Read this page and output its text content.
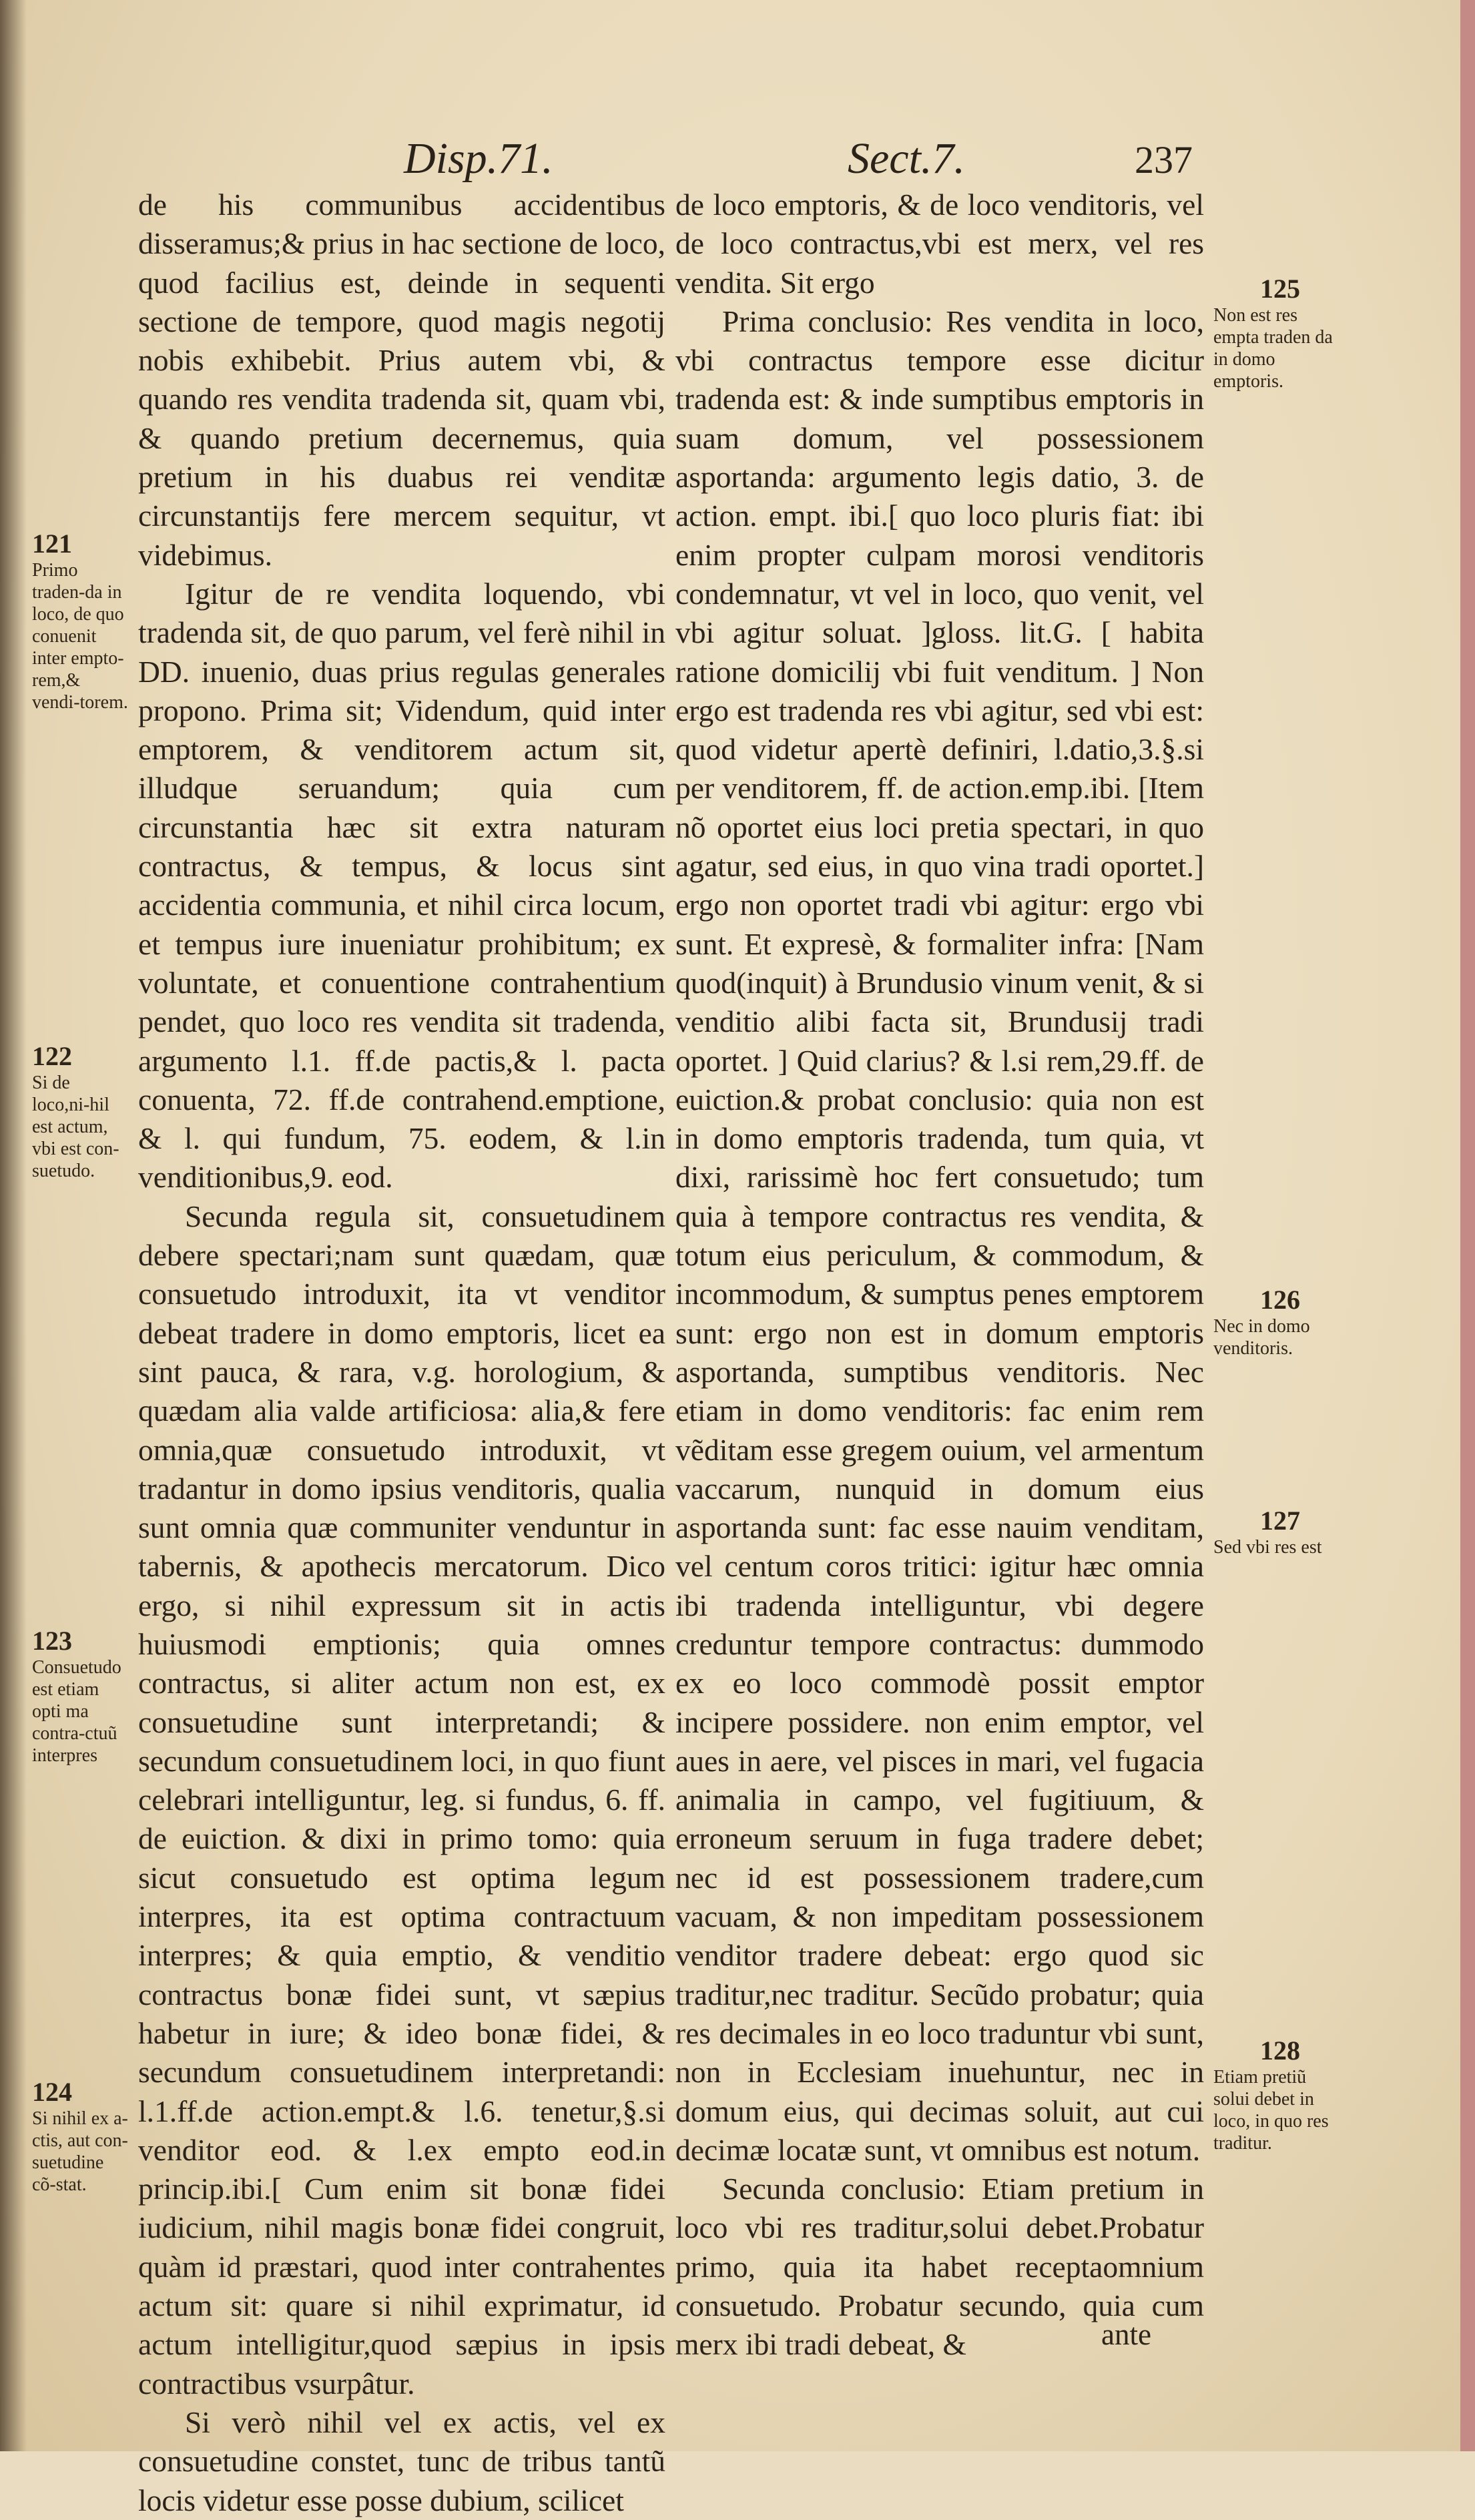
Disp.71.	Sect.7.	237

de his communibus accidentibus disseramus;& prius in hac sectione de loco, quod facilius est, deinde in sequenti sectione de tempore, quod magis negotij nobis exhibebit. Prius autem vbi, & quando res vendita tradenda sit, quam vbi, & quando pretium decernemus, quia pretium in his duabus rei venditæ circunstantijs fere mercem sequitur, vt videbimus.

Igitur de re vendita loquendo, vbi tradenda sit, de quo parum, vel ferè nihil in DD. inuenio, duas prius regulas generales propono. Prima sit; Videndum, quid inter emptorem, & venditorem actum sit, illudque seruandum; quia cum circunstantia hæc sit extra naturam contractus, & tempus, & locus sint accidentia communia, et nihil circa locum, et tempus iure inueniatur prohibitum; ex voluntate, et conuentione contrahentium pendet, quo loco res vendita sit tradenda, argumento l.1. ff.de pactis,& l. pacta conuenta, 72. ff.de contrahend.emptione, & l. qui fundum, 75. eodem, & l.in venditionibus,9. eod.

Secunda regula sit, consuetudinem debere spectari;nam sunt quædam, quæ consuetudo introduxit, ita vt venditor debeat tradere in domo emptoris, licet ea sint pauca, & rara, v.g. horologium, & quædam alia valde artificiosa: alia,& fere omnia,quæ consuetudo introduxit, vt tradantur in domo ipsius venditoris, qualia sunt omnia quæ communiter venduntur in tabernis, & apothecis mercatorum. Dico ergo, si nihil expressum sit in actis huiusmodi emptionis; quia omnes contractus, si aliter actum non est, ex consuetudine sunt interpretandi; & secundum consuetudinem loci, in quo fiunt celebrari intelliguntur, leg. si fundus, 6. ff. de euiction. & dixi in primo tomo: quia sicut consuetudo est optima legum interpres, ita est optima contractuum interpres; & quia emptio, & venditio contractus bonæ fidei sunt, vt sæpius habetur in iure; & ideo bonæ fidei, & secundum consuetudinem interpretandi: l.1.ff.de action.empt.& l.6. tenetur,§.si venditor eod. & l.ex empto eod.in princip.ibi.[ Cum enim sit bonæ fidei iudicium, nihil magis bonæ fidei congruit, quàm id præstari, quod inter contrahentes actum sit: quare si nihil exprimatur, id actum intelligitur,quod sæpius in ipsis contractibus vsurpâtur.

Si verò nihil vel ex actis, vel ex consuetudine constet, tunc de tribus tantũ locis videtur esse posse dubium, scilicet

de loco emptoris, & de loco venditoris, vel de loco contractus,vbi est merx, vel res vendita. Sit ergo

Prima conclusio: Res vendita in loco, vbi contractus tempore esse dicitur tradenda est: & inde sumptibus emptoris in suam domum, vel possessionem asportanda: argumento legis datio, 3. de action. empt. ibi.[ quo loco pluris fiat: ibi enim propter culpam morosi venditoris condemnatur, vt vel in loco, quo venit, vel vbi agitur soluat. ]gloss. lit.G. [ habita ratione domicilij vbi fuit venditum. ] Non ergo est tradenda res vbi agitur, sed vbi est: quod videtur apertè definiri, l.datio,3.§.si per venditorem, ff. de action.emp.ibi. [Item nõ oportet eius loci pretia spectari, in quo agatur, sed eius, in quo vina tradi oportet.] ergo non oportet tradi vbi agitur: ergo vbi sunt. Et expresè, & formaliter infra: [Nam quod(inquit) à Brundusio vinum venit, & si venditio alibi facta sit, Brundusij tradi oportet. ] Quid clarius? & l.si rem,29.ff. de euiction.& probat conclusio: quia non est in domo emptoris tradenda, tum quia, vt dixi, rarissimè hoc fert consuetudo; tum quia à tempore contractus res vendita, & totum eius periculum, & commodum, & incommodum, & sumptus penes emptorem sunt: ergo non est in domum emptoris asportanda, sumptibus venditoris. Nec etiam in domo venditoris: fac enim rem vẽditam esse gregem ouium, vel armentum vaccarum, nunquid in domum eius asportanda sunt: fac esse nauim venditam, vel centum coros tritici: igitur hæc omnia ibi tradenda intelliguntur, vbi degere creduntur tempore contractus: dummodo ex eo loco commodè possit emptor incipere possidere. non enim emptor, vel aues in aere, vel pisces in mari, vel fugacia animalia in campo, vel fugitiuum, & erroneum seruum in fuga tradere debet; nec id est possessionem tradere,cum vacuam, & non impeditam possessionem venditor tradere debeat: ergo quod sic traditur,nec traditur. Secũdo probatur; quia res decimales in eo loco traduntur vbi sunt, non in Ecclesiam inuehuntur, nec in domum eius, qui decimas soluit, aut cui decimæ locatæ sunt, vt omnibus est notum.

Secunda conclusio: Etiam pretium in loco vbi res traditur,solui debet.Probatur primo, quia ita habet receptaomnium consuetudo. Probatur secundo, quia cum merx ibi tradi debeat, &	ante
121
Primo traden-da in loco, de quo conuenit inter empto-rem,& vendi-torem.
122
Si de loco,ni-hil est actum, vbi est con-suetudo.
123
Consuetudo est etiam opti ma contra-ctuũ interpres
124
Si nihil ex a-ctis, aut con-suetudine cõ-stat.
125
Non est res empta traden da in domo emptoris.
126
Nec in domo venditoris.
127
Sed vbi res est
128
Etiam pretiũ solui debet in loco, in quo res traditur.
